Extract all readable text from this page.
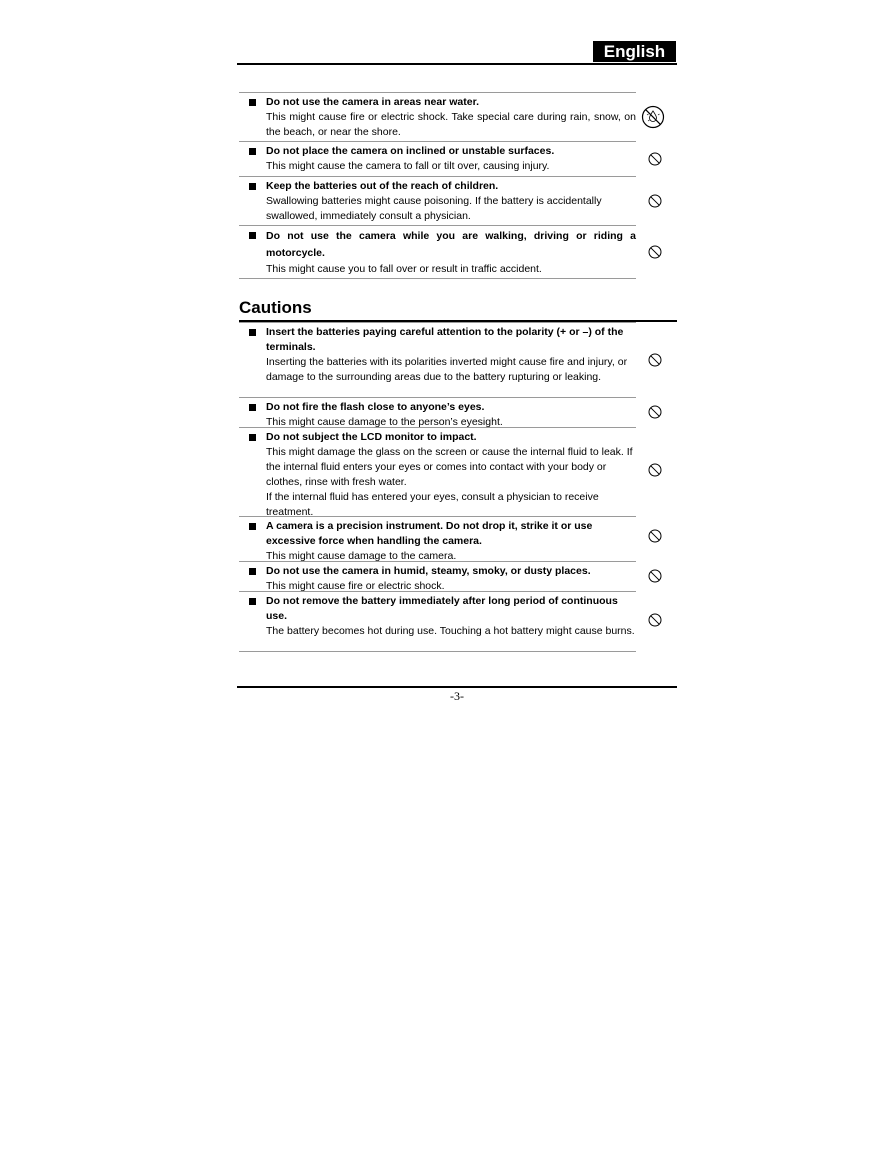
English
Do not use the camera in areas near water.
This might cause fire or electric shock. Take special care during rain, snow, on the beach, or near the shore.
Do not place the camera on inclined or unstable surfaces.
This might cause the camera to fall or tilt over, causing injury.
Keep the batteries out of the reach of children.
Swallowing batteries might cause poisoning. If the battery is accidentally swallowed, immediately consult a physician.
Do not use the camera while you are walking, driving or riding a motorcycle.
This might cause you to fall over or result in traffic accident.
Cautions
Insert the batteries paying careful attention to the polarity (+ or –) of the terminals.
Inserting the batteries with its polarities inverted might cause fire and injury, or damage to the surrounding areas due to the battery rupturing or leaking.
Do not fire the flash close to anyone’s eyes.
This might cause damage to the person’s eyesight.
Do not subject the LCD monitor to impact.
This might damage the glass on the screen or cause the internal fluid to leak. If the internal fluid enters your eyes or comes into contact with your body or clothes, rinse with fresh water.
If the internal fluid has entered your eyes, consult a physician to receive treatment.
A camera is a precision instrument. Do not drop it, strike it or use excessive force when handling the camera.
This might cause damage to the camera.
Do not use the camera in humid, steamy, smoky, or dusty places.
This might cause fire or electric shock.
Do not remove the battery immediately after long period of continuous use.
The battery becomes hot during use. Touching a hot battery might cause burns.
-3-
